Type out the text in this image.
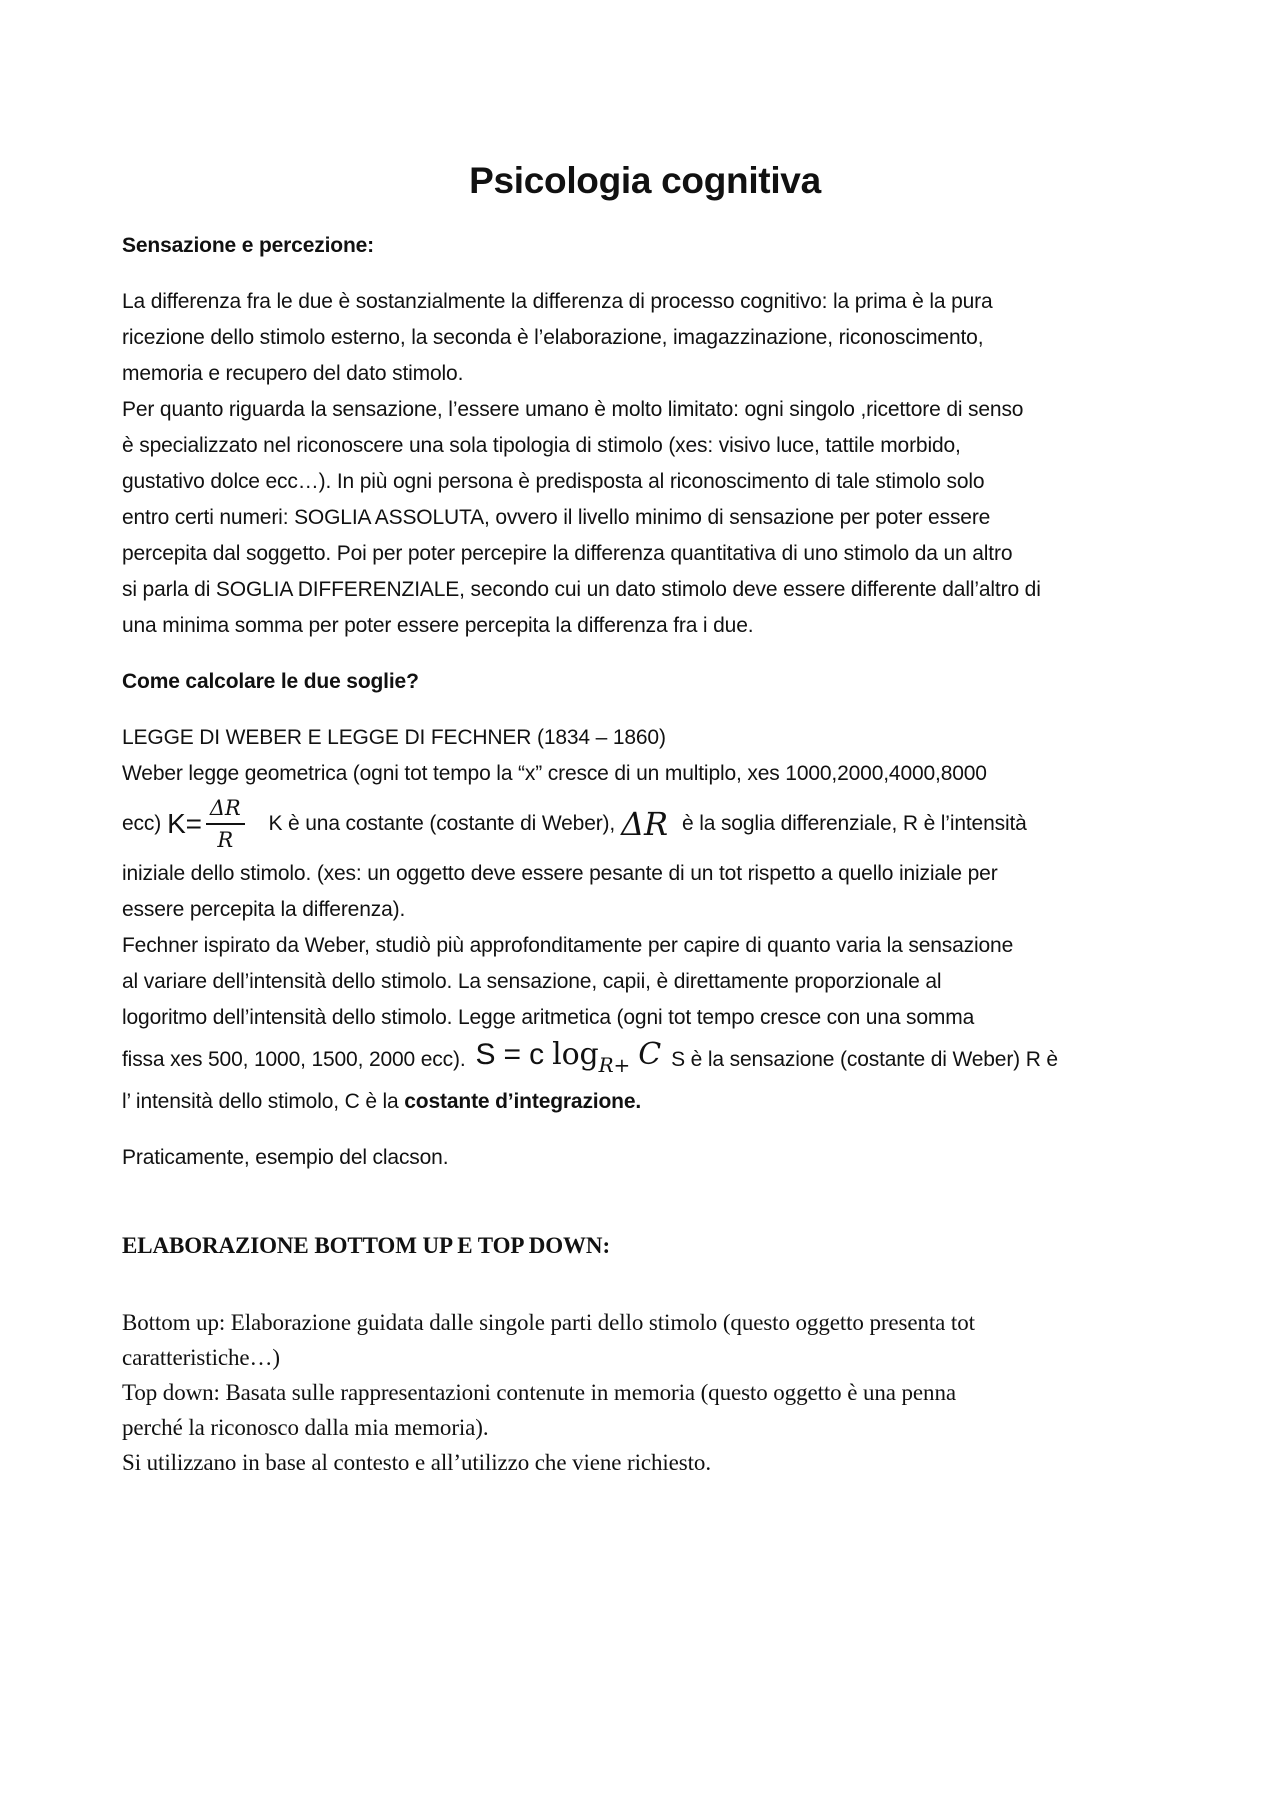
Psicologia cognitiva
Sensazione e percezione:
La differenza fra le due è sostanzialmente la differenza di processo cognitivo: la prima è la pura
ricezione dello stimolo esterno, la seconda è l’elaborazione, imagazzinazione, riconoscimento,
memoria e recupero del dato stimolo.
Per quanto riguarda la sensazione, l’essere umano è molto limitato: ogni singolo ,ricettore di senso
è specializzato nel riconoscere una sola tipologia di stimolo (xes: visivo luce, tattile morbido,
gustativo dolce ecc…). In più ogni persona è predisposta al riconoscimento di tale stimolo solo
entro certi numeri: SOGLIA ASSOLUTA, ovvero il livello minimo di sensazione per poter essere
percepita dal soggetto. Poi per poter percepire la differenza quantitativa di uno stimolo da un altro
si parla di SOGLIA DIFFERENZIALE, secondo cui un dato stimolo deve essere differente dall’altro di
una minima somma per poter essere percepita la differenza fra i due.
Come calcolare le due soglie?
LEGGE DI WEBER E LEGGE DI FECHNER (1834 – 1860)
Weber legge geometrica (ogni tot tempo la “x” cresce di un multiplo, xes 1000,2000,4000,8000
ecc) $K= \frac{\Delta R}{R}$ K è una costante (costante di Weber), ΔR è la soglia differenziale, R è l’intensità
iniziale dello stimolo. (xes: un oggetto deve essere pesante di un tot rispetto a quello iniziale per
essere percepita la differenza).
Fechner ispirato da Weber, studiò più approfonditamente per capire di quanto varia la sensazione
al variare dell’intensità dello stimolo. La sensazione, capii, è direttamente proporzionale al
logoritmo dell’intensità dello stimolo. Legge aritmetica (ogni tot tempo cresce con una somma
fissa xes 500, 1000, 1500, 2000 ecc). S = c $\log_{R+} C$ S è la sensazione (costante di Weber) R è
l’ intensità dello stimolo, C è la costante d’integrazione.
Praticamente, esempio del clacson.
ELABORAZIONE BOTTOM UP E TOP DOWN:
Bottom up: Elaborazione guidata dalle singole parti dello stimolo (questo oggetto presenta tot
caratteristiche…)
Top down: Basata sulle rappresentazioni contenute in memoria (questo oggetto è una penna
perché la riconosco dalla mia memoria).
Si utilizzano in base al contesto e all’utilizzo che viene richiesto.
